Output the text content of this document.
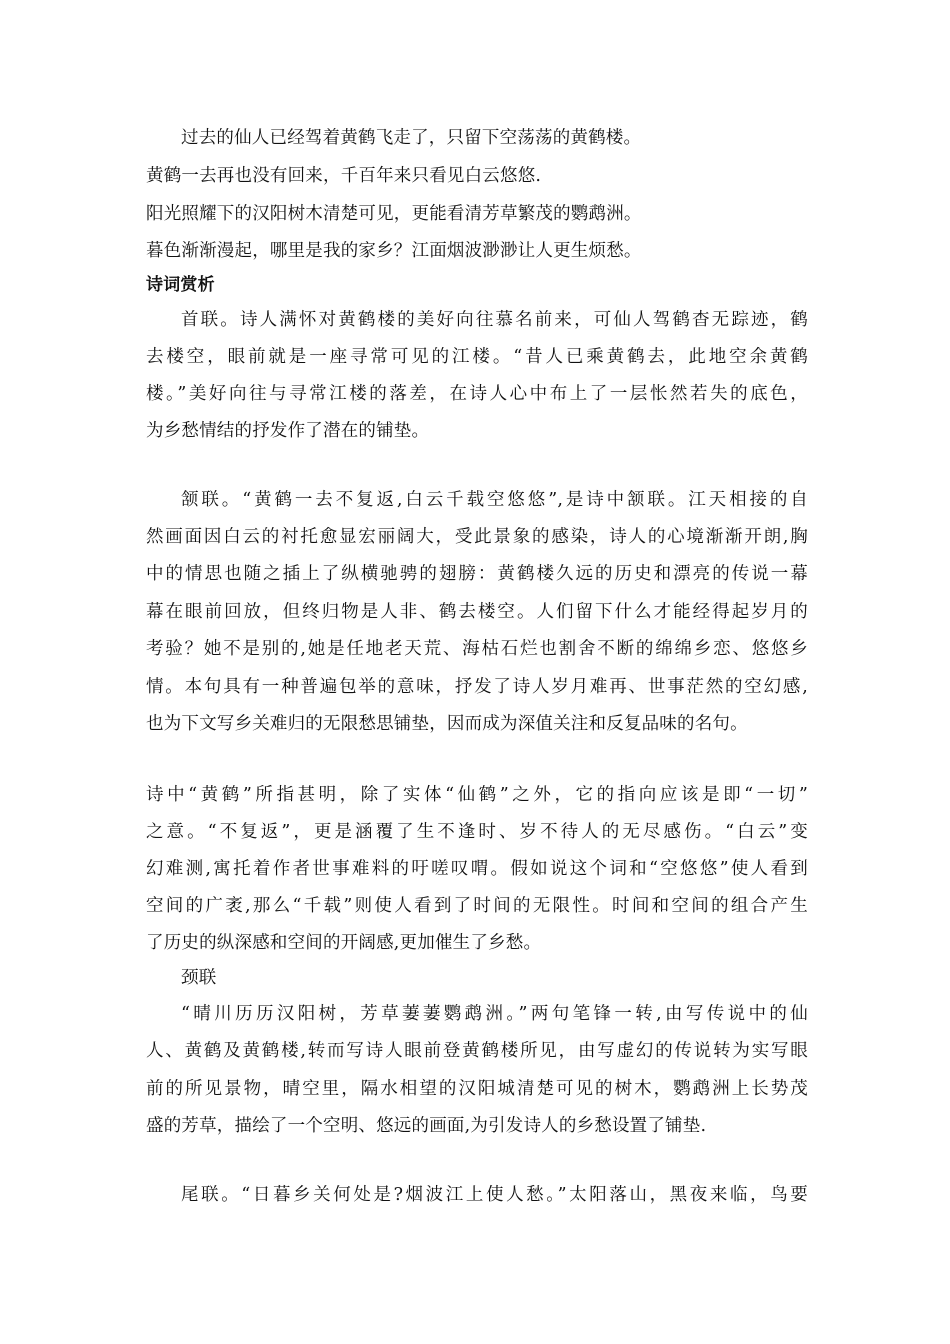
过去的仙人已经驾着黄鹤飞走了，只留下空荡荡的黄鹤楼。
黄鹤一去再也没有回来，千百年来只看见白云悠悠.
阳光照耀下的汉阳树木清楚可见，更能看清芳草繁茂的鹦鹉洲。
暮色渐渐漫起，哪里是我的家乡？江面烟波渺渺让人更生烦愁。
诗词赏析
首联。诗人满怀对黄鹤楼的美好向往慕名前来，可仙人驾鹤杳无踪迹，鹤
去楼空，眼前就是一座寻常可见的江楼。“昔人已乘黄鹤去，此地空余黄鹤
楼。”美好向往与寻常江楼的落差，在诗人心中布上了一层怅然若失的底色，
为乡愁情结的抒发作了潜在的铺垫。
颔联。“黄鹤一去不复返,白云千载空悠悠”,是诗中颔联。江天相接的自
然画面因白云的衬托愈显宏丽阔大，受此景象的感染，诗人的心境渐渐开朗,胸
中的情思也随之插上了纵横驰骋的翅膀：黄鹤楼久远的历史和漂亮的传说一幕
幕在眼前回放，但终归物是人非、鹤去楼空。人们留下什么才能经得起岁月的
考验？她不是别的,她是任地老天荒、海枯石烂也割舍不断的绵绵乡恋、悠悠乡
情。本句具有一种普遍包举的意味，抒发了诗人岁月难再、世事茫然的空幻感,
也为下文写乡关难归的无限愁思铺垫，因而成为深值关注和反复品味的名句。
诗中“黄鹤”所指甚明，除了实体“仙鹤”之外，它的指向应该是即“一切”
之意。“不复返”，更是涵覆了生不逢时、岁不待人的无尽感伤。“白云”变
幻难测,寓托着作者世事难料的吁嗟叹喟。假如说这个词和“空悠悠”使人看到
空间的广袤,那么“千载”则使人看到了时间的无限性。时间和空间的组合产生
了历史的纵深感和空间的开阔感,更加催生了乡愁。
颈联
“晴川历历汉阳树，芳草萋萋鹦鹉洲。”两句笔锋一转,由写传说中的仙
人、黄鹤及黄鹤楼,转而写诗人眼前登黄鹤楼所见，由写虚幻的传说转为实写眼
前的所见景物，晴空里，隔水相望的汉阳城清楚可见的树木，鹦鹉洲上长势茂
盛的芳草，描绘了一个空明、悠远的画面,为引发诗人的乡愁设置了铺垫.
尾联。“日暮乡关何处是?烟波江上使人愁。”太阳落山，黑夜来临，鸟要
